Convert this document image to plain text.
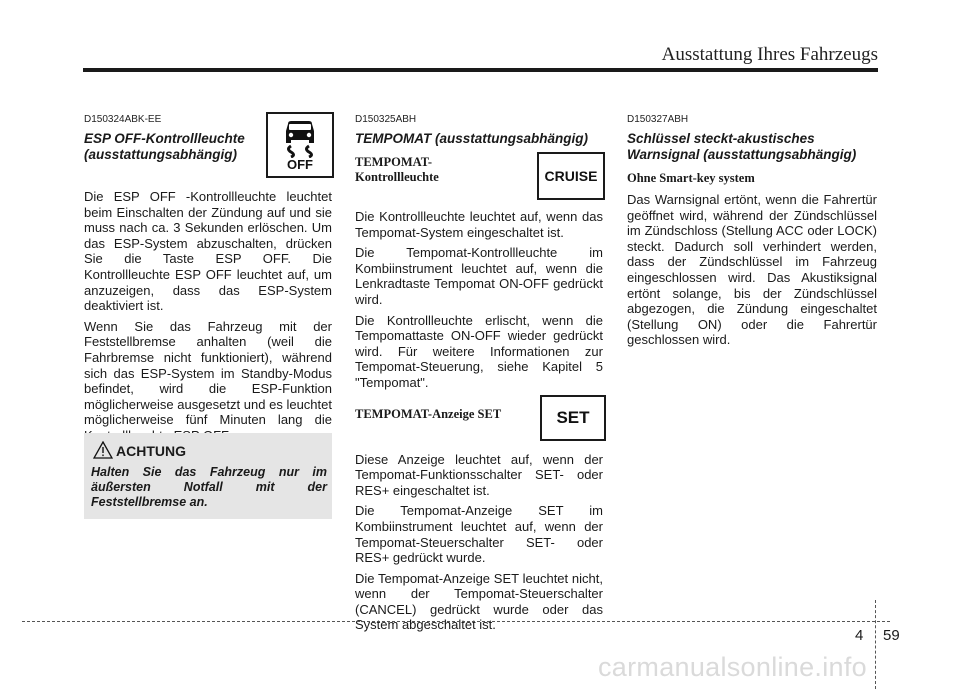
Ausstattung Ihres Fahrzeugs
D150324ABK-EE
ESP OFF-Kontrollleuchte (ausstattungsabhängig)

Die ESP OFF -Kontrollleuchte leuchtet beim Einschalten der Zündung auf und sie muss nach ca. 3 Sekunden erlöschen. Um das ESP-System abzuschalten, drücken Sie die Taste ESP OFF. Die Kontrollleuchte ESP OFF leuchtet auf, um anzuzeigen, dass das ESP-System deaktiviert ist.

Wenn Sie das Fahrzeug mit der Feststellbremse anhalten (weil die Fahrbremse nicht funktioniert), während sich das ESP-System im Standby-Modus befindet, wird die ESP-Funktion möglicherweise ausgesetzt und es leuchtet möglicherweise fünf Minuten lang die

OFF
ACHTUNG
Halten Sie das Fahrzeug nur im äußersten Notfall mit der Feststellbremse an.
D150325ABH
TEMPOMAT (ausstattungsabhängig)
TEMPOMAT-
Kontrollleuchte

Die Kontrollleuchte leuchtet auf, wenn das Tempomat-System eingeschaltet ist.

Die Tempomat-Kontrollleuchte im Kombiinstrument leuchtet auf, wenn die Lenkradtaste Tempomat ON-OFF gedrückt wird.

Die Kontrollleuchte erlischt, wenn die Tempomattaste ON-OFF wieder gedrückt wird. Für weitere Informationen zur Tempomat-Steuerung, siehe Kapitel 5 "Tempomat".

TEMPOMAT-Anzeige SET

Diese Anzeige leuchtet auf, wenn der Tempomat-Funktionsschalter SET- oder RES+ eingeschaltet ist.

Die Tempomat-Anzeige SET im Kombiinstrument leuchtet auf, wenn der Tempomat-Steuerschalter SET- oder RES+ gedrückt wurde.

Die Tempomat-Anzeige SET leuchtet nicht, wenn der Tempomat-Steuerschalter (CANCEL) gedrückt wurde oder das System abgeschaltet ist.

CRUISE
SET
D150327ABH
Schlüssel steckt-akustisches Warnsignal (ausstattungsabhängig)
Ohne Smart-key system

Das Warnsignal ertönt, wenn die Fahrertür geöffnet wird, während der Zündschlüssel im Zündschloss (Stellung ACC oder LOCK) steckt. Dadurch soll verhindert werden, dass der Zündschlüssel im Fahrzeug eingeschlossen wird. Das Akustiksignal ertönt solange, bis der Zündschlüssel abgezogen, die Zündung eingeschaltet (Stellung ON) oder die Fahrertür geschlossen wird.

4 59
carmanualsonline.info
